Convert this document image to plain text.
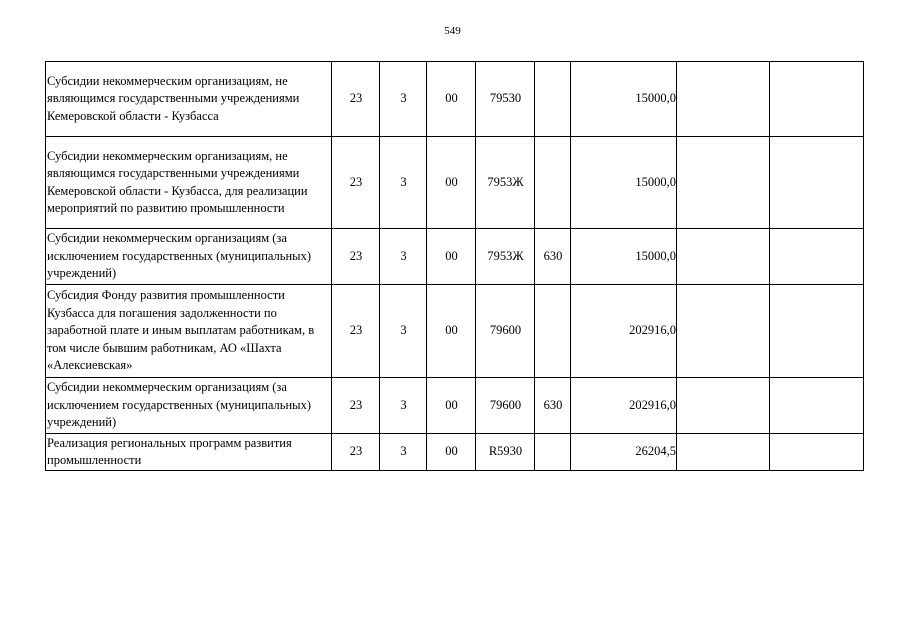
549
Субсидии некоммерческим организациям, не являющимся государственными учреждениями Кемеровской области - Кузбасса	23	3	00	79530		15000,0		
Субсидии некоммерческим организациям, не являющимся государственными учреждениями Кемеровской области - Кузбасса, для реализации мероприятий по развитию промышленности	23	3	00	7953Ж		15000,0		
Субсидии некоммерческим организациям (за исключением государственных (муниципальных) учреждений)	23	3	00	7953Ж	630	15000,0		
Субсидия Фонду развития промышленности Кузбасса для погашения задолженности по заработной плате и иным выплатам работникам, в том числе бывшим работникам, АО «Шахта «Алексиевская»	23	3	00	79600		202916,0		
Субсидии некоммерческим организациям (за исключением государственных (муниципальных) учреждений)	23	3	00	79600	630	202916,0		
Реализация региональных программ развития промышленности	23	3	00	R5930		26204,5		
